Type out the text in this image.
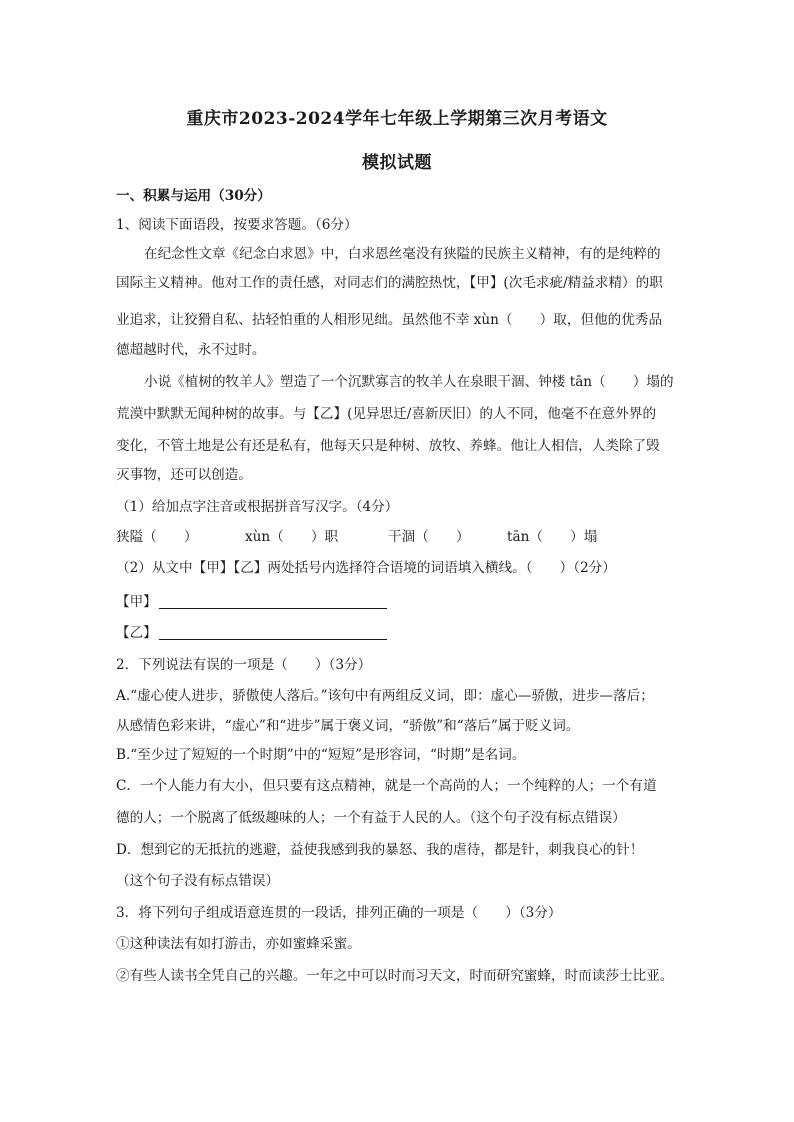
重庆市2023-2024学年七年级上学期第三次月考语文
模拟试题
一、积累与运用（30分）
1、阅读下面语段，按要求答题。（6分）
在纪念性文章《纪念白求恩》中，白求恩丝毫没有狭隘的民族主义精神，有的是纯粹的
国际主义精神。他对工作的责任感，对同志们的满腔热忱，【甲】(次毛求疵/精益求精）的职
业追求，让狡猾自私、拈轻怕重的人相形见绌。虽然他不幸 xùn（　　）取，但他的优秀品
德超越时代，永不过时。
小说《植树的牧羊人》塑造了一个沉默寡言的牧羊人在泉眼干涸、钟楼 tān（　　）塌的
荒漠中默默无闻种树的故事。与【乙】(见异思迁/喜新厌旧）的人不同，他毫不在意外界的
变化，不管土地是公有还是私有，他每天只是种树、放牧、养蜂。他让人相信，人类除了毁
灭事物，还可以创造。
（1）给加点字注音或根据拼音写汉字。（4分）
狭隘（　　）	xùn（　　）职	干涸（　　）	tān（　　）塌
（2）从文中【甲】【乙】两处括号内选择符合语境的词语填入横线。（　　）（2分）
【甲】
【乙】
2．下列说法有误的一项是（　　）（3分）
A.“虚心使人进步，骄傲使人落后。”该句中有两组反义词，即：虚心—骄傲，进步—落后；
从感情色彩来讲，“虚心”和“进步”属于褒义词，“骄傲”和“落后”属于贬义词。
B.“至少过了短短的一个时期”中的“短短”是形容词，“时期”是名词。
C．一个人能力有大小，但只要有这点精神，就是一个高尚的人；一个纯粹的人；一个有道
德的人；一个脱离了低级趣味的人；一个有益于人民的人。（这个句子没有标点错误）
D．想到它的无抵抗的逃避，益使我感到我的暴怒、我的虐待，都是针，刺我良心的针！
（这个句子没有标点错误）
3．将下列句子组成语意连贯的一段话，排列正确的一项是（　　）（3分）
①这种读法有如打游击，亦如蜜蜂采蜜。
②有些人读书全凭自己的兴趣。一年之中可以时而习天文，时而研究蜜蜂，时而读莎士比亚。
